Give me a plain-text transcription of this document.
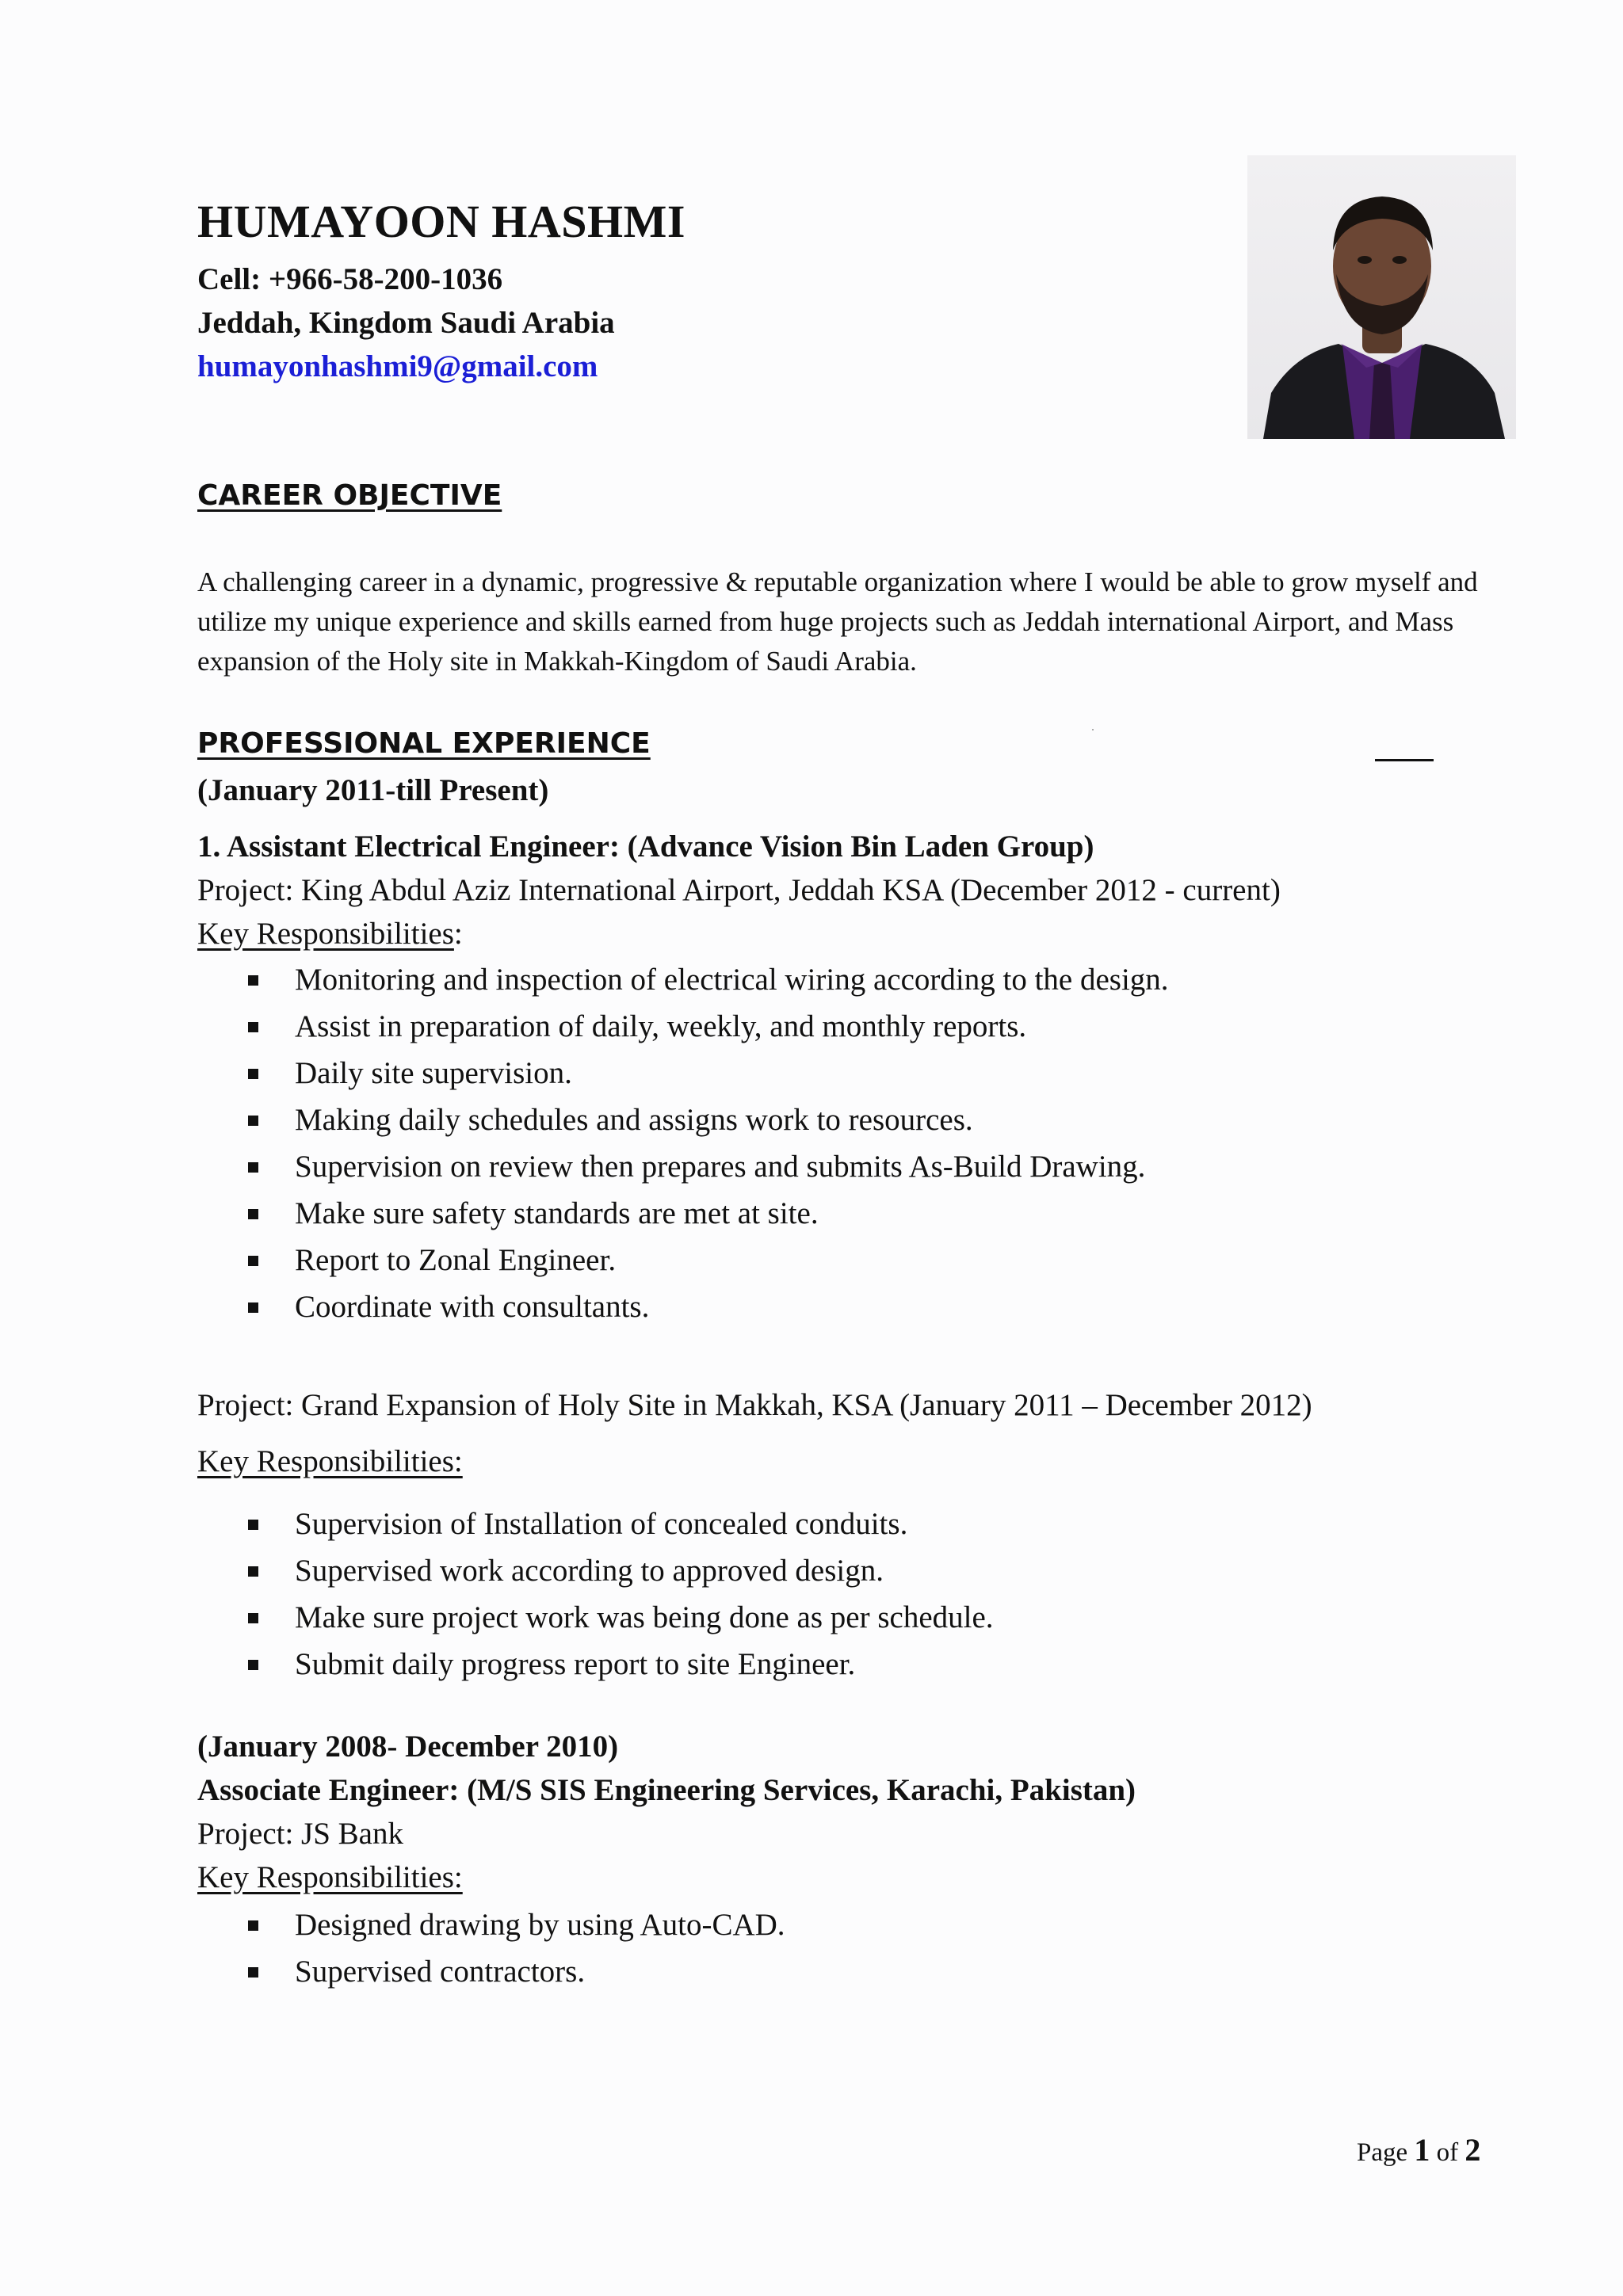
HUMAYOON HASHMI
Cell: +966-58-200-1036
Jeddah, Kingdom Saudi Arabia
humayonhashmi9@gmail.com
CAREER OBJECTIVE
A challenging career in a dynamic, progressive & reputable organization where I would be able to grow myself and utilize my unique experience and skills earned from huge projects such as Jeddah international Airport, and Mass expansion of the Holy site in Makkah-Kingdom of Saudi Arabia.
PROFESSIONAL EXPERIENCE
(January 2011-till Present)
1. Assistant Electrical Engineer: (Advance Vision Bin Laden Group)
Project: King Abdul Aziz International Airport, Jeddah KSA (December 2012 - current)
Key Responsibilities:
Monitoring and inspection of electrical wiring according to the design.
Assist in preparation of daily, weekly, and monthly reports.
Daily site supervision.
Making daily schedules and assigns work to resources.
Supervision on review then prepares and submits As-Build Drawing.
Make sure safety standards are met at site.
Report to Zonal Engineer.
Coordinate with consultants.
Project: Grand Expansion of Holy Site in Makkah, KSA (January 2011 – December 2012)
Key Responsibilities:
Supervision of Installation of concealed conduits.
Supervised work according to approved design.
Make sure project work was being done as per schedule.
Submit daily progress report to site Engineer.
(January 2008- December 2010)
Associate Engineer: (M/S SIS Engineering Services, Karachi, Pakistan)
Project: JS Bank
Key Responsibilities:
Designed drawing by using Auto-CAD.
Supervised contractors.
Page 1 of 2
